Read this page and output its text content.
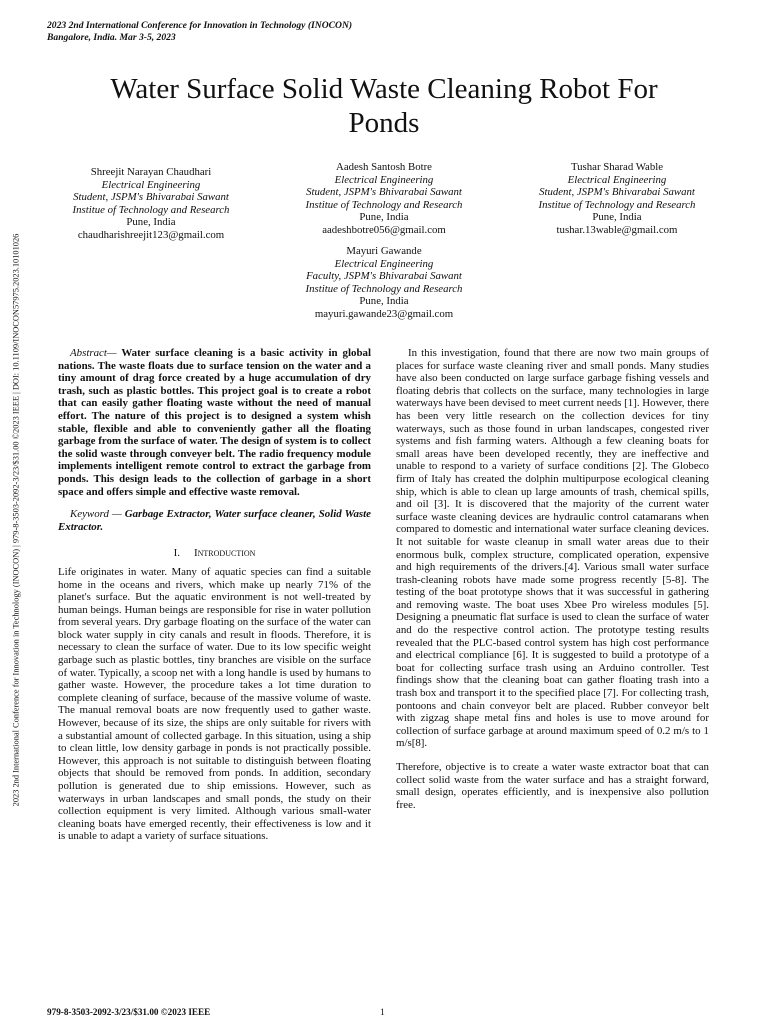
2023 2nd International Conference for Innovation in Technology (INOCON)
Bangalore, India. Mar 3-5, 2023
Water Surface Solid Waste Cleaning Robot For
Ponds
Shreejit Narayan Chaudhari
Electrical Engineering
Student, JSPM's Bhivarabai Sawant
Institue of Technology and Research
Pune, India
chaudharishreejit123@gmail.com
Aadesh Santosh Botre
Electrical Engineering
Student, JSPM's Bhivarabai Sawant
Institue of Technology and Research
Pune, India
aadeshbotre056@gmail.com
Tushar Sharad Wable
Electrical Engineering
Student, JSPM's Bhivarabai Sawant
Institue of Technology and Research
Pune, India
tushar.13wable@gmail.com
Mayuri Gawande
Electrical Engineering
Faculty, JSPM's Bhivarabai Sawant
Institue of Technology and Research
Pune, India
mayuri.gawande23@gmail.com
2023 2nd International Conference for Innovation in Technology (INOCON) | 979-8-3503-2092-3/23/$31.00 ©2023 IEEE | DOI: 10.1109/INOCON57975.2023.10101026	Abstract— Water surface cleaning is a basic activity in global nations. The waste floats due to surface tension on the water and a tiny amount of drag force created by a huge accumulation of dry trash, such as plastic bottles. This project goal is to create a robot that can easily gather floating waste without the need of manual effort. The nature of this project is to designed a system whish stable, flexible and able to conveniently gather all the floating garbage from the surface of water. The design of system is to collect the solid waste through conveyer belt. The radio frequency module implements intelligent remote control to extract the garbage from ponds. This design leads to the collection of garbage in a short space and offers simple and effective waste removal.

Keyword — Garbage Extractor, Water surface cleaner, Solid Waste Extractor.

I. Introduction

Life originates in water. Many of aquatic species can find a suitable home in the oceans and rivers, which make up nearly 71% of the planet's surface. But the aquatic environment is not well-treated by human beings. Human beings are responsible for rise in water pollution from several years. Dry garbage floating on the surface of the water can block water supply in city canals and result in floods. Therefore, it is necessary to clean the surface of water. Due to its low specific weight garbage such as plastic bottles, tiny branches are visible on the surface of water. Typically, a scoop net with a long handle is used by humans to gather waste. However, the procedure takes a lot time duration to complete cleaning of surface, because of the massive volume of waste. The manual removal boats are now frequently used to gather waste. However, because of its size, the ships are only suitable for rivers with a substantial amount of collected garbage. In this situation, using a ship to clean little, low density garbage in ponds is not practically possible. However, this approach is not suitable to distinguish between floating objects that should be removed from ponds. In addition, secondary pollution is generated due to ship emissions. However, such as waterways in urban landscapes and small ponds, the study on their collection equipment is very limited. Although various small-water cleaning boats have emerged recently, their effectiveness is low and it is unable to adapt a variety of surface situations.

In this investigation, found that there are now two main groups of places for surface waste cleaning river and small ponds. Many studies have also been conducted on large surface garbage fishing vessels and floating debris that collects on the surface, many technologies in large waterways have been devised to meet current needs [1]. However, there has been very little research on the collection devices for tiny waterways, such as those found in urban landscapes, congested river systems and fish farming waters. Although a few cleaning boats for small areas have been developed recently, they are ineffective and unable to respond to a variety of surface conditions [2]. The Globeco firm of Italy has created the dolphin multipurpose ecological cleaning ship, which is able to clean up large amounts of trash, chemical spills, and oil [3]. It is discovered that the majority of the current water surface waste cleaning devices are hydraulic control catamarans when compared to domestic and international water surface cleaning devices. It not suitable for waste cleanup in small water areas due to their enormous bulk, complex structure, complicated operation, expensive and high requirements of the drivers.[4]. Various small water surface trash-cleaning robots have made some progress recently [5-8]. The testing of the boat prototype shows that it was successful in gathering and removing waste. The boat uses Xbee Pro wireless modules [5]. Designing a pneumatic flat surface is used to clean the surface of water and do the respective control action. The prototype testing results revealed that the PLC-based control system has high cost performance and electrical compliance [6]. It is suggested to build a prototype of a boat for collecting surface trash using an Arduino controller. Test findings show that the cleaning boat can gather floating trash into a trash box and transport it to the specified place [7]. For collecting trash, pontoons and chain conveyor belt are placed. Rubber conveyor belt with zigzag shape metal fins and holes is use to move around for collection of surface garbage at around maximum speed of 0.2 m/s to 1 m/s[8].

Therefore, objective is to create a water waste extractor boat that can collect solid waste from the water surface and has a straight forward, small design, operates efficiently, and is inexpensive also pollution free.

979-8-3503-2092-3/23/$31.00 ©2023 IEEE	1
